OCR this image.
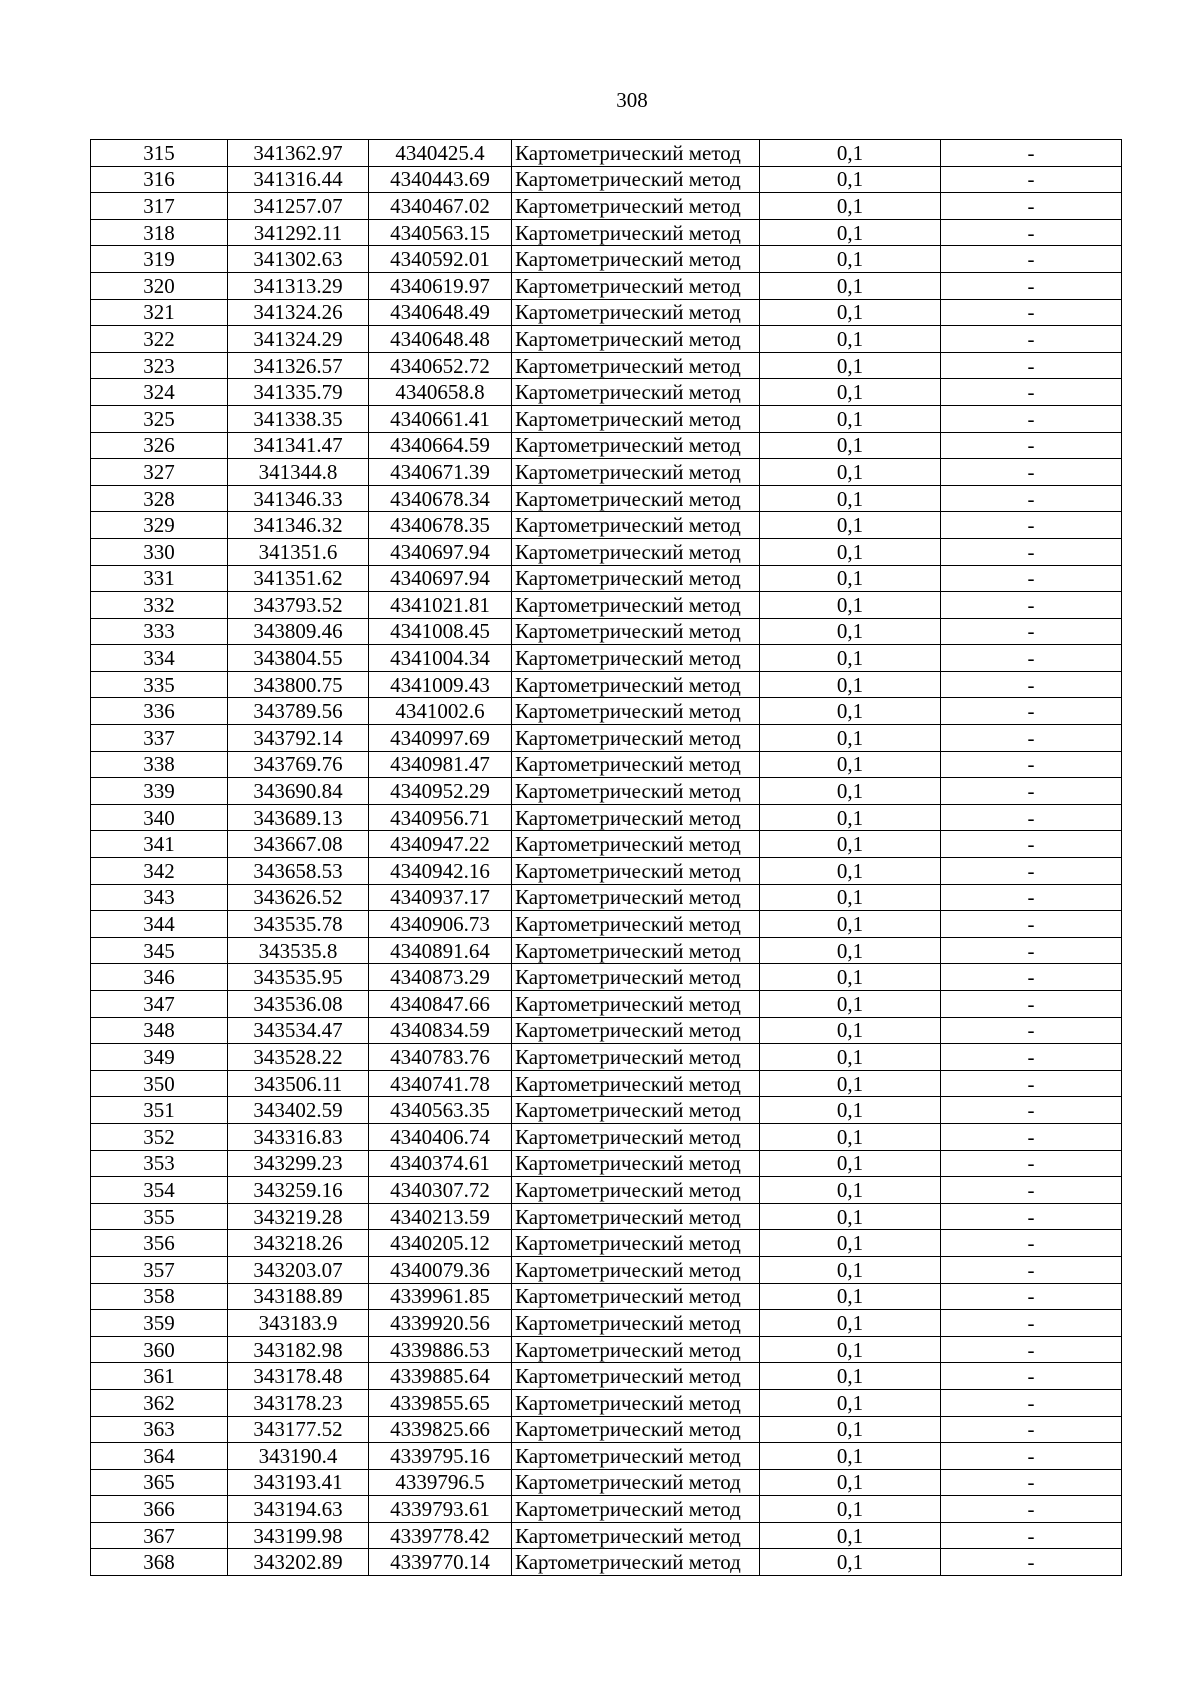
308
315	341362.97	4340425.4	Картометрический метод	0,1	-
316	341316.44	4340443.69	Картометрический метод	0,1	-
317	341257.07	4340467.02	Картометрический метод	0,1	-
318	341292.11	4340563.15	Картометрический метод	0,1	-
319	341302.63	4340592.01	Картометрический метод	0,1	-
320	341313.29	4340619.97	Картометрический метод	0,1	-
321	341324.26	4340648.49	Картометрический метод	0,1	-
322	341324.29	4340648.48	Картометрический метод	0,1	-
323	341326.57	4340652.72	Картометрический метод	0,1	-
324	341335.79	4340658.8	Картометрический метод	0,1	-
325	341338.35	4340661.41	Картометрический метод	0,1	-
326	341341.47	4340664.59	Картометрический метод	0,1	-
327	341344.8	4340671.39	Картометрический метод	0,1	-
328	341346.33	4340678.34	Картометрический метод	0,1	-
329	341346.32	4340678.35	Картометрический метод	0,1	-
330	341351.6	4340697.94	Картометрический метод	0,1	-
331	341351.62	4340697.94	Картометрический метод	0,1	-
332	343793.52	4341021.81	Картометрический метод	0,1	-
333	343809.46	4341008.45	Картометрический метод	0,1	-
334	343804.55	4341004.34	Картометрический метод	0,1	-
335	343800.75	4341009.43	Картометрический метод	0,1	-
336	343789.56	4341002.6	Картометрический метод	0,1	-
337	343792.14	4340997.69	Картометрический метод	0,1	-
338	343769.76	4340981.47	Картометрический метод	0,1	-
339	343690.84	4340952.29	Картометрический метод	0,1	-
340	343689.13	4340956.71	Картометрический метод	0,1	-
341	343667.08	4340947.22	Картометрический метод	0,1	-
342	343658.53	4340942.16	Картометрический метод	0,1	-
343	343626.52	4340937.17	Картометрический метод	0,1	-
344	343535.78	4340906.73	Картометрический метод	0,1	-
345	343535.8	4340891.64	Картометрический метод	0,1	-
346	343535.95	4340873.29	Картометрический метод	0,1	-
347	343536.08	4340847.66	Картометрический метод	0,1	-
348	343534.47	4340834.59	Картометрический метод	0,1	-
349	343528.22	4340783.76	Картометрический метод	0,1	-
350	343506.11	4340741.78	Картометрический метод	0,1	-
351	343402.59	4340563.35	Картометрический метод	0,1	-
352	343316.83	4340406.74	Картометрический метод	0,1	-
353	343299.23	4340374.61	Картометрический метод	0,1	-
354	343259.16	4340307.72	Картометрический метод	0,1	-
355	343219.28	4340213.59	Картометрический метод	0,1	-
356	343218.26	4340205.12	Картометрический метод	0,1	-
357	343203.07	4340079.36	Картометрический метод	0,1	-
358	343188.89	4339961.85	Картометрический метод	0,1	-
359	343183.9	4339920.56	Картометрический метод	0,1	-
360	343182.98	4339886.53	Картометрический метод	0,1	-
361	343178.48	4339885.64	Картометрический метод	0,1	-
362	343178.23	4339855.65	Картометрический метод	0,1	-
363	343177.52	4339825.66	Картометрический метод	0,1	-
364	343190.4	4339795.16	Картометрический метод	0,1	-
365	343193.41	4339796.5	Картометрический метод	0,1	-
366	343194.63	4339793.61	Картометрический метод	0,1	-
367	343199.98	4339778.42	Картометрический метод	0,1	-
368	343202.89	4339770.14	Картометрический метод	0,1	-
